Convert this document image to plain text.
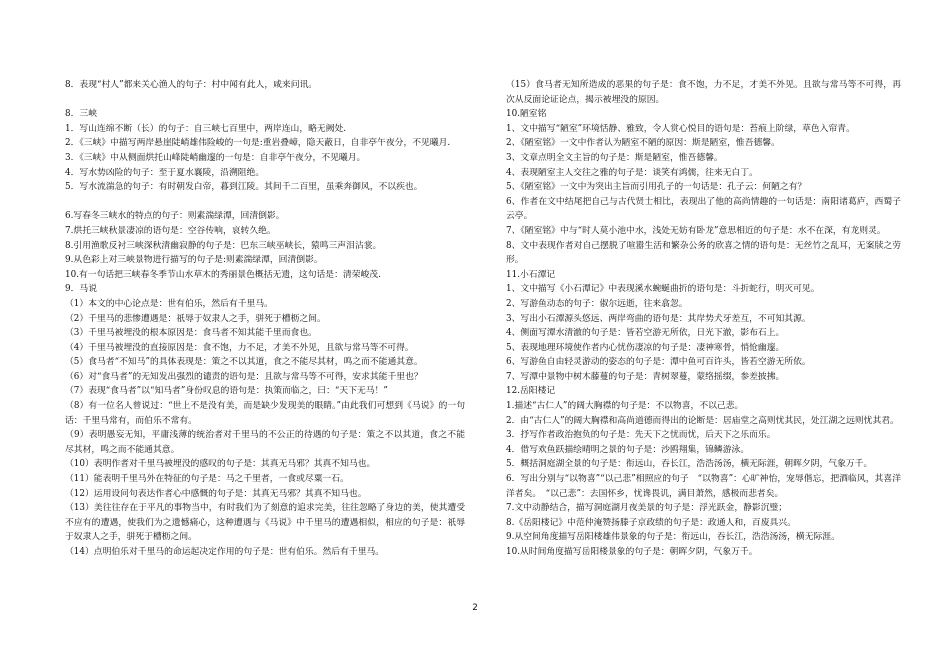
8．表现“村人”都来关心渔人的句子：村中闻有此人，咸来问讯。
8．三峡
1．写山连绵不断（长）的句子：自三峡七百里中，两岸连山，略无阙处.
2．《三峡》中描写两岸悬崖陡峭雄伟险峻的一句是:重岩叠嶂，隐天蔽日，自非亭午夜分，不见曦月.
3．《三峡》中从侧面烘托山峰陡峭幽邃的一句是：自非亭午夜分，不见曦月。
4．写水势凶险的句子：至于夏水襄陵，沿溯阻绝。
5．写水流湍急的句子：有时朝发白帝，暮到江陵。其间千二百里，虽乘奔御风，不以疾也。
6.写春冬三峡水的特点的句子：则素湍绿潭，回清倒影。
7.烘托三峡秋景凄凉的语句是：空谷传响，哀转久绝。
8.引用渔歌反衬三峡深秋清幽寂静的句子是：巴东三峡巫峡长，猿鸣三声泪沾裳。
9.从色彩上对三峡景物进行描写的句子是:则素湍绿潭，回清倒影。
10.有一句话把三峡春冬季节山水草木的秀丽景色概括无遗，这句话是：清荣峻茂.
9．马说
（1）本文的中心论点是：世有伯乐，然后有千里马。
（2）千里马的悲惨遭遇是：祇辱于奴隶人之手，骈死于槽枥之间。
（3）千里马被埋没的根本原因是：食马者不知其能千里而食也。
（4）千里马被埋没的直接原因是：食不饱，力不足，才美不外见，且欲与常马等不可得。
（5）食马者“不知马”的具体表现是：策之不以其道，食之不能尽其材，鸣之而不能通其意。
（6）对“食马者”的无知发出强烈的谴责的语句是：且欲与常马等不可得，安求其能千里也？
（7）表现“食马者”以“知马者”身份叹息的语句是：执策而临之，曰：“天下无马！”
（8）有一位名人曾说过：“世上不是没有美，而是缺少发现美的眼睛。”由此我们可想到《马说》的一句话：千里马常有，而伯乐不常有。
（9）表明愚妄无知，平庸浅薄的统治者对千里马的不公正的待遇的句子是：策之不以其道，食之不能尽其材，鸣之而不能通其意。
（10）表明作者对千里马被埋没的感叹的句子是：其真无马邪？其真不知马也。
（11）能表明千里马外在特征的句子是：马之千里者，一食或尽粟一石。
（12）运用设问句表达作者心中感慨的句子是：其真无马邪？其真不知马也。
（13）美往往存在于平凡的事物当中，有时我们为了刻意的追求完美，往往忽略了身边的美，使其遭受不应有的遭遇，使我们为之遗憾痛心，这种遭遇与《马说》中千里马的遭遇相似，相应的句子是：祇辱于奴隶人之手，骈死于槽枥之间。
（14）点明伯乐对千里马的命运起决定作用的句子是：世有伯乐。然后有千里马。
（15）食马者无知所造成的恶果的句子是：食不饱，力不足，才美不外见。且欲与常马等不可得，再次从反面论证论点，揭示被埋没的原因。
10.陋室铭
1、文中描写“陋室”环境恬静、雅致，令人赏心悦目的语句是：苔痕上阶绿，草色入帘青。
2、《陋室铭》一文中作者认为陋室不陋的原因：斯是陋室，惟吾德馨。
3、文章点明全文主旨的句子是：斯是陋室，惟吾德馨。
4、表现陋室主人交往之雅的句子是：谈笑有鸿儒，往来无白丁。
5、《陋室铭》一文中为突出主旨而引用孔子的一句话是：孔子云：何陋之有？
6、作者在文中结尾把自己与古代贤士相比，表现出了他的高尚情趣的一句话是：南阳诸葛庐，西蜀子云亭。
7、《陋室铭》中与“时人莫小池中水，浅处无妨有卧龙”意思相近的句子是：水不在深，有龙则灵。
8、文中表现作者对自己摆脱了喧嚣生活和繁杂公务的欣喜之情的语句是：无丝竹之乱耳，无案牍之劳形。
11.小石潭记
1、文中描写《小石潭记》中表现溪水蜿蜒曲折的语句是：斗折蛇行，明灭可见。
2、写游鱼动态的句子：俶尔远逝，往来翕忽。
3、写出小石潭源头悠远、两岸弯曲的语句是：其岸势犬牙差互，不可知其源。
4、侧面写潭水清澈的句子是：皆若空游无所依，日光下澈，影布石上。
5、表现地理环境使作者内心忧伤凄凉的句子是：凄神寒骨，悄怆幽邃。
6、写游鱼自由轻灵游动的姿态的句子是：潭中鱼可百许头，皆若空游无所依。
7、写潭中景物中树木藤蔓的句子是：青树翠蔓，蒙络摇缀，参差披拂。
12.岳阳楼记
1.描述“古仁人”的阔大胸襟的句子是：不以物喜，不以己悲。
2．由“古仁人”的阔大胸襟和高尚道德而得出的论断是：居庙堂之高则忧其民，处江湖之远则忧其君。
3．抒写作者政治抱负的句子是：先天下之忧而忧，后天下之乐而乐。
4．借写欢鱼跃描绘晴明之景的句子是：沙鸥翔集，锦鳞游泳。
5．概括洞庭湖全景的句子是：衔远山，吞长江，浩浩汤汤，横无际涯，朝晖夕阴，气象万千。
6．写出分别与“以物喜”“以己悲”相照应的句子　“以物喜”：心旷神怡，宠辱偕忘，把酒临风，其喜洋洋者矣。　“以己悲”：去国怀乡，忧谗畏讥，满目萧然，感极而悲者矣。
7.文中动静结合，描写洞庭湖月夜美景的句子是：浮光跃金，静影沉璧；
8.《岳阳楼记》中范仲淹赞扬滕子京政绩的句子是：政通人和，百废具兴。
9.从空间角度描写岳阳楼雄伟景象的句子是：衔远山，吞长江，浩浩汤汤，横无际涯。
10.从时间角度描写岳阳楼景象的句子是：朝晖夕阴，气象万千。
2
